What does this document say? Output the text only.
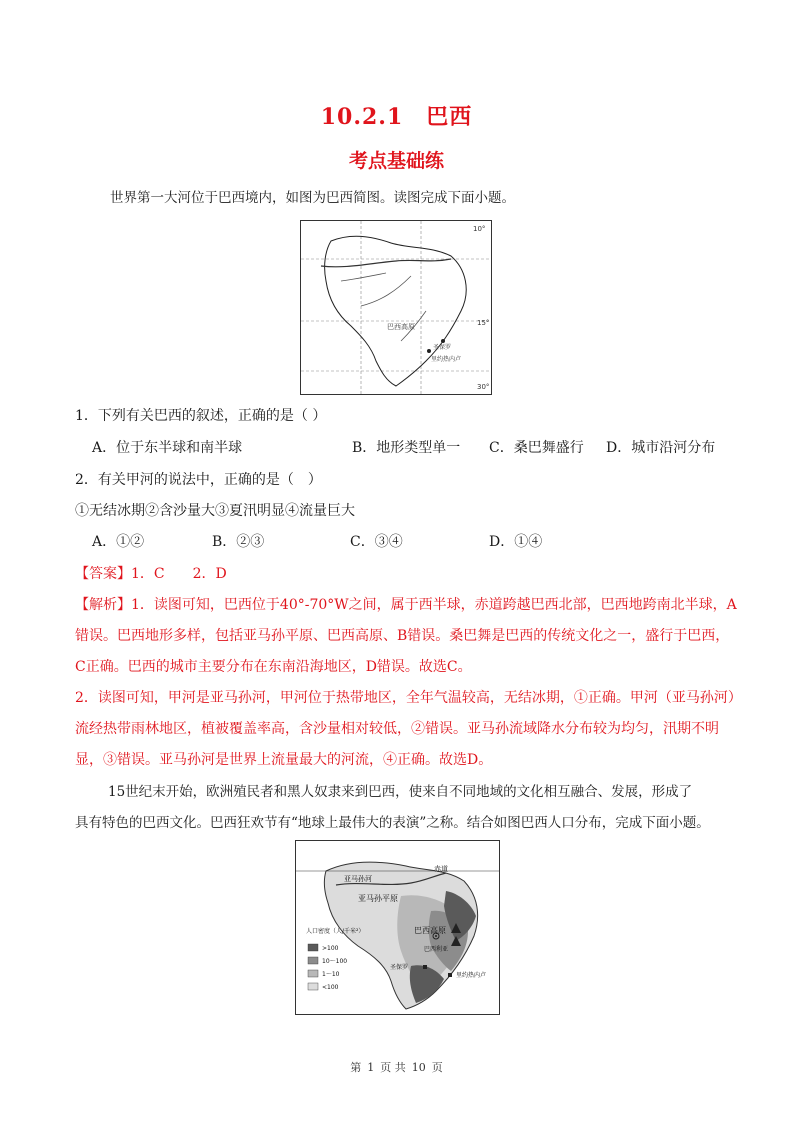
10.2.1　巴西
考点基础练
世界第一大河位于巴西境内，如图为巴西简图。读图完成下面小题。
10°
15°
30°
巴西高原
圣保罗
里约热内卢
1．下列有关巴西的叙述，正确的是（ ）
A．位于东半球和南半球	B．地形类型单一 C．桑巴舞盛行 D．城市沿河分布
2．有关甲河的说法中，正确的是（　）
①无结冰期②含沙量大③夏汛明显④流量巨大
A．①②	B．②③	C．③④	D．①④
【答案】1．C　　2．D
【解析】1．读图可知，巴西位于40°-70°W之间，属于西半球，赤道跨越巴西北部，巴西地跨南北半球，A
错误。巴西地形多样，包括亚马孙平原、巴西高原、B错误。桑巴舞是巴西的传统文化之一，盛行于巴西，
C正确。巴西的城市主要分布在东南沿海地区，D错误。故选C。
2．读图可知，甲河是亚马孙河，甲河位于热带地区，全年气温较高，无结冰期，①正确。甲河（亚马孙河）
流经热带雨林地区，植被覆盖率高，含沙量相对较低，②错误。亚马孙流域降水分布较为均匀，汛期不明
显，③错误。亚马孙河是世界上流量最大的河流，④正确。故选D。
15世纪末开始，欧洲殖民者和黑人奴隶来到巴西，使来自不同地域的文化相互融合、发展，形成了
具有特色的巴西文化。巴西狂欢节有“地球上最伟大的表演”之称。结合如图巴西人口分布，完成下面小题。
赤道
亚马孙河
亚马孙平原
巴西高原
巴西利亚
圣保罗
里约热内卢
人口密度（人/千米²）
>100
10～100
1～10
<100
第 1 页 共 10 页
